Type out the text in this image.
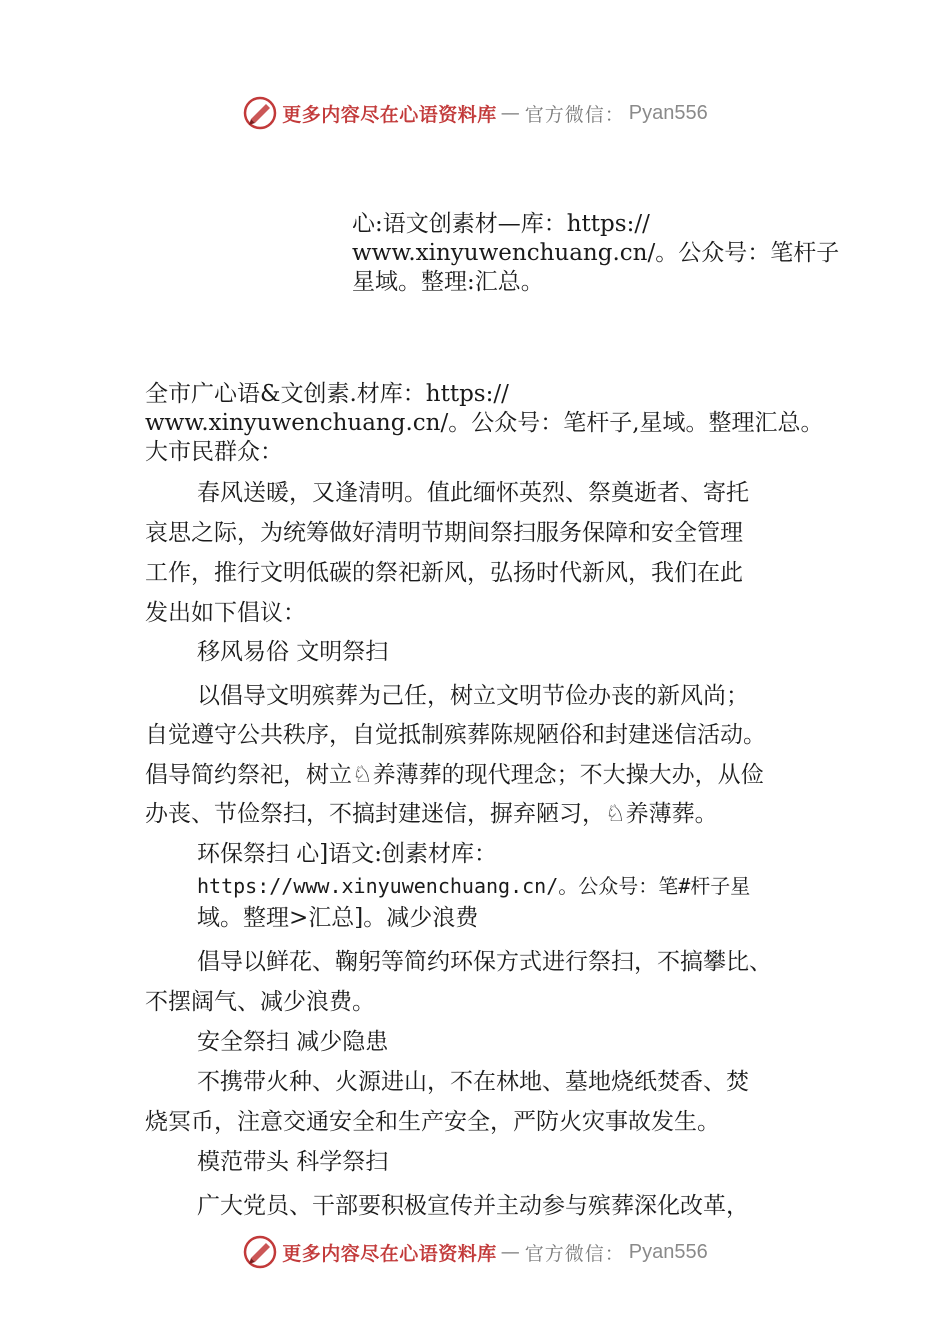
更多内容尽在心语资料库 — 官方微信： Pyan556
心:语文创素材—库：https://
www.xinyuwenchuang.cn/。公众号：笔杆子
星域。整理:汇总。
全市广心语&文创素.材库：https://
www.xinyuwenchuang.cn/。公众号：笔杆子,星域。整理汇总。
大市民群众：
春风送暖，又逢清明。值此缅怀英烈、祭奠逝者、寄托
哀思之际，为统筹做好清明节期间祭扫服务保障和安全管理
工作，推行文明低碳的祭祀新风，弘扬时代新风，我们在此
发出如下倡议：
移风易俗 文明祭扫
以倡导文明殡葬为己任，树立文明节俭办丧的新风尚；
自觉遵守公共秩序，自觉抵制殡葬陈规陋俗和封建迷信活动。
倡导简约祭祀，树立♘养薄葬的现代理念；不大操大办，从俭
办丧、节俭祭扫，不搞封建迷信，摒弃陋习，♘养薄葬。
环保祭扫 心]语文:创素材库：
https://www.xinyuwenchuang.cn/。公众号：笔#杆子星
域。整理>汇总]。减少浪费
倡导以鲜花、鞠躬等简约环保方式进行祭扫，不搞攀比、
不摆阔气、减少浪费。
安全祭扫 减少隐患
不携带火种、火源进山，不在林地、墓地烧纸焚香、焚
烧冥币，注意交通安全和生产安全，严防火灾事故发生。
模范带头 科学祭扫
广大党员、干部要积极宣传并主动参与殡葬深化改革，
更多内容尽在心语资料库 — 官方微信： Pyan556
